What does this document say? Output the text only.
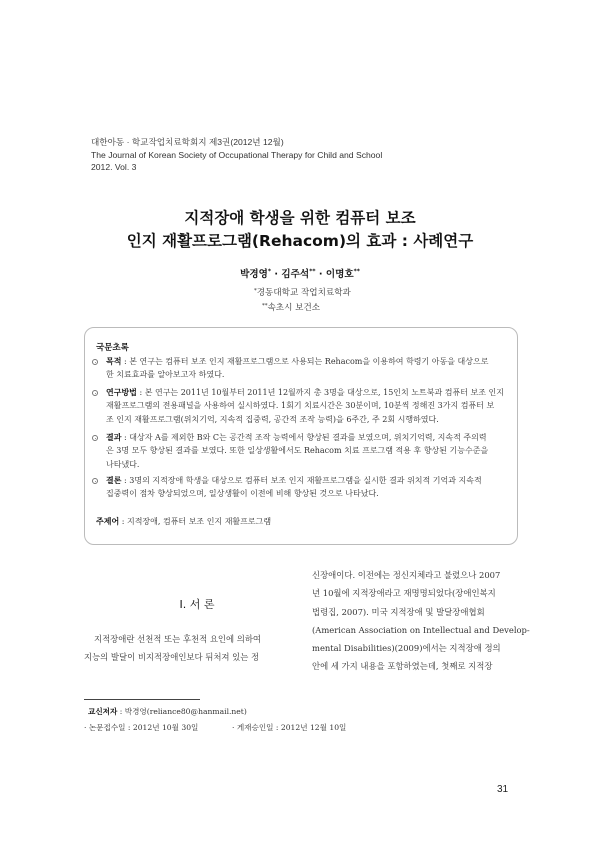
대한아동 · 학교작업치료학회지 제3권(2012년 12월)
The Journal of Korean Society of Occupational Therapy for Child and School
2012. Vol. 3
지적장애 학생을 위한 컴퓨터 보조
인지 재활프로그램(Rehacom)의 효과 : 사례연구
박경영* · 김주석** · 이명호**
*경동대학교 작업치료학과
**속초시 보건소
국문초록

목적 : 본 연구는 컴퓨터 보조 인지 재활프로그램으로 사용되는 Rehacom을 이용하여 학령기 아동을 대상으로
한 치료효과를 알아보고자 하였다.

연구방법 : 본 연구는 2011년 10월부터 2011년 12월까지 총 3명을 대상으로, 15인치 노트북과 컴퓨터 보조 인지
재활프로그램의 전용패널을 사용하여 실시하였다. 1회기 치료시간은 30분이며, 10분씩 정해진 3가지 컴퓨터 보
조 인지 재활프로그램(위치기억, 지속적 집중력, 공간적 조작 능력)을 6주간, 주 2회 시행하였다.

결과 : 대상자 A를 제외한 B와 C는 공간적 조작 능력에서 향상된 결과를 보였으며, 위치기억력, 지속적 주의력
은 3명 모두 향상된 결과를 보였다. 또한 일상생활에서도 Rehacom 치료 프로그램 적용 후 향상된 기능수준을
나타냈다.

결론 : 3명의 지적장애 학생을 대상으로 컴퓨터 보조 인지 재활프로그램을 실시한 결과 위치적 기억과 지속적
집중력이 점차 향상되었으며, 일상생활이 이전에 비해 향상된 것으로 나타났다.

주제어 : 지적장애, 컴퓨터 보조 인지 재활프로그램
I. 서 론
지적장애란 선천적 또는 후천적 요인에 의하여
지능의 발달이 비지적장애인보다 뒤처져 있는 정
신장애이다. 이전에는 정신지체라고 불렸으나 2007
년 10월에 지적장애라고 재명명되었다(장애인복지
법령집, 2007). 미국 지적장애 및 발달장애협회
(American Association on Intellectual and Develop-
mental Disabilities)(2009)에서는 지적장애 정의
안에 세 가지 내용을 포함하였는데, 첫째로 지적장
교신저자 : 박경영(reliance80@hanmail.net)
· 논문접수일 : 2012년 10월 30일	· 게재승인일 : 2012년 12월 10일
31
